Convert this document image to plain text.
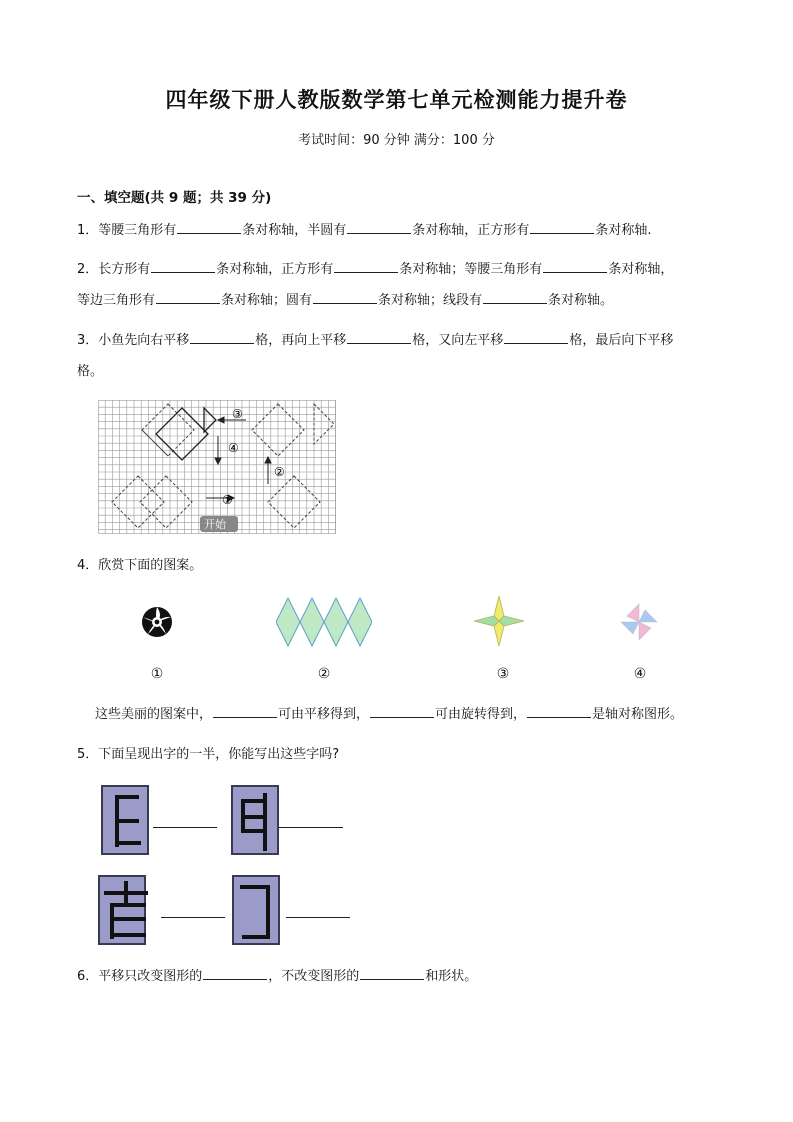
四年级下册人教版数学第七单元检测能力提升卷
考试时间：90 分钟 满分：100 分
一、填空题(共 9 题；共 39 分)
1．等腰三角形有	条对称轴，半圆有	条对称轴，正方形有	条对称轴.
2．长方形有	条对称轴，正方形有	条对称轴；等腰三角形有	条对称轴，
等边三角形有	条对称轴；圆有	条对称轴；线段有	条对称轴。
3．小鱼先向右平移	格，再向上平移	格，又向左平移	格，最后向下平移
格。
①
②
③
④
开始
4．欣赏下面的图案。
①	②	③	④
这些美丽的图案中，	可由平移得到，	可由旋转得到，	是轴对称图形。
5．下面呈现出字的一半，你能写出这些字吗?
6．平移只改变图形的	，不改变图形的	和形状。
